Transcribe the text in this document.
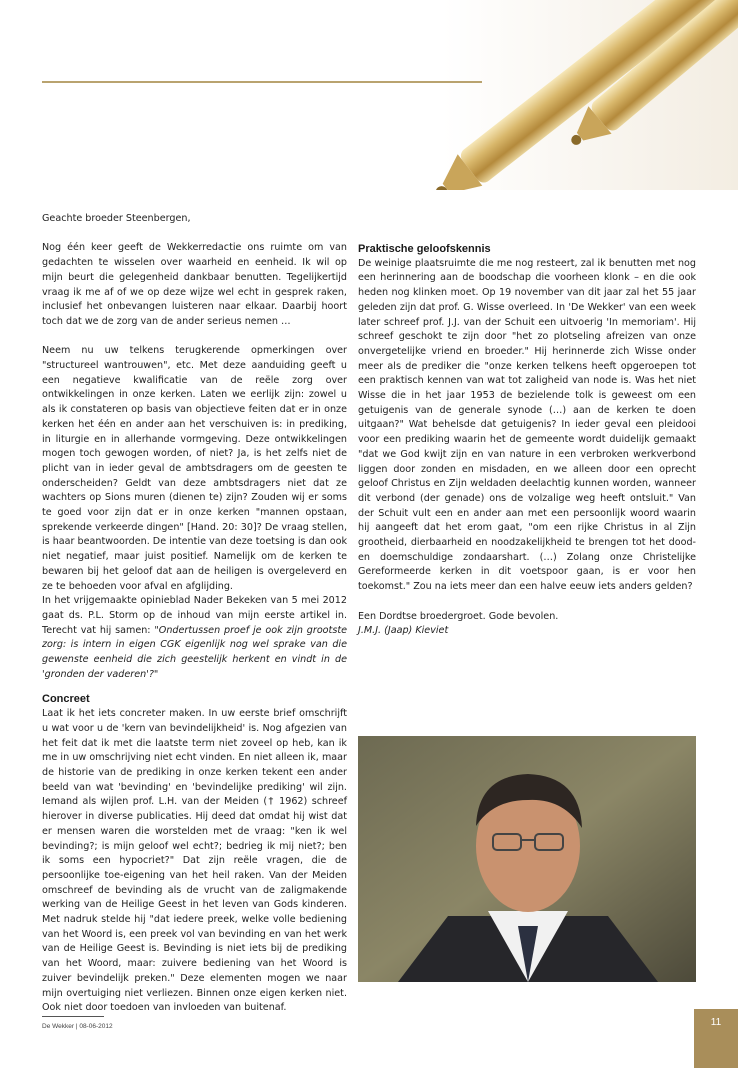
Geachte broeder Steenbergen,

Nog één keer geeft de Wekkerredactie ons ruimte om van gedachten te wisselen over waarheid en eenheid. Ik wil op mijn beurt die gelegenheid dankbaar benutten. Tegelijkertijd vraag ik me af of we op deze wijze wel echt in gesprek raken, inclusief het onbevangen luisteren naar elkaar. Daarbij hoort toch dat we de zorg van de ander serieus nemen …

Neem nu uw telkens terugkerende opmerkingen over "structureel wantrouwen", etc. Met deze aanduiding geeft u een negatieve kwalificatie van de reële zorg over ontwikkelingen in onze kerken. Laten we eerlijk zijn: zowel u als ik constateren op basis van objectieve feiten dat er in onze kerken het één en ander aan het verschuiven is: in prediking, in liturgie en in allerhande vormgeving. Deze ontwikkelingen mogen toch gewogen worden, of niet? Ja, is het zelfs niet de plicht van in ieder geval de ambtsdragers om de geesten te onderscheiden? Geldt van deze ambtsdragers niet dat ze wachters op Sions muren (dienen te) zijn? Zouden wij er soms te goed voor zijn dat er in onze kerken "mannen opstaan, sprekende verkeerde dingen" [Hand. 20: 30]? De vraag stellen, is haar beantwoorden. De intentie van deze toetsing is dan ook niet negatief, maar juist positief. Namelijk om de kerken te bewaren bij het geloof dat aan de heiligen is overgeleverd en ze te behoeden voor afval en afglijding.

In het vrijgemaakte opinieblad Nader Bekeken van 5 mei 2012 gaat ds. P.L. Storm op de inhoud van mijn eerste artikel in. Terecht vat hij samen: "Ondertussen proef je ook zijn grootste zorg: is intern in eigen CGK eigenlijk nog wel sprake van die gewenste eenheid die zich geestelijk herkent en vindt in de 'gronden der vaderen'?"

Concreet

Laat ik het iets concreter maken. In uw eerste brief omschrijft u wat voor u de 'kern van bevindelijkheid' is. Nog afgezien van het feit dat ik met die laatste term niet zoveel op heb, kan ik me in uw omschrijving niet echt vinden. En niet alleen ik, maar de historie van de prediking in onze kerken tekent een ander beeld van wat 'bevinding' en 'bevindelijke prediking' wil zijn. Iemand als wijlen prof. L.H. van der Meiden († 1962) schreef hierover in diverse publicaties. Hij deed dat omdat hij wist dat er mensen waren die worstelden met de vraag: "ken ik wel bevinding?; is mijn geloof wel echt?; bedrieg ik mij niet?; ben ik soms een hypocriet?" Dat zijn reële vragen, die de persoonlijke toe-eigening van het heil raken. Van der Meiden omschreef de bevinding als de vrucht van de zaligmakende werking van de Heilige Geest in het leven van Gods kinderen. Met nadruk stelde hij "dat iedere preek, welke volle bediening van het Woord is, een preek vol van bevinding en van het werk van de Heilige Geest is. Bevinding is niet iets bij de prediking van het Woord, maar: zuivere bediening van het Woord is zuiver bevindelijk preken." Deze elementen mogen we naar mijn overtuiging niet verliezen. Binnen onze eigen kerken niet. Ook niet door toedoen van invloeden van buitenaf.

Praktische geloofskennis

De weinige plaatsruimte die me nog resteert, zal ik benutten met nog een herinnering aan de boodschap die voorheen klonk – en die ook heden nog klinken moet. Op 19 november van dit jaar zal het 55 jaar geleden zijn dat prof. G. Wisse overleed. In 'De Wekker' van een week later schreef prof. J.J. van der Schuit een uitvoerig 'In memoriam'. Hij schreef geschokt te zijn door "het zo plotseling afreizen van onze onvergetelijke vriend en broeder." Hij herinnerde zich Wisse onder meer als de prediker die "onze kerken telkens heeft opgeroepen tot een praktisch kennen van wat tot zaligheid van node is. Was het niet Wisse die in het jaar 1953 de bezielende tolk is geweest om een getuigenis van de generale synode (…) aan de kerken te doen uitgaan?" Wat behelsde dat getuigenis? In ieder geval een pleidooi voor een prediking waarin het de gemeente wordt duidelijk gemaakt "dat we God kwijt zijn en van nature in een verbroken werkverbond liggen door zonden en misdaden, en we alleen door een oprecht geloof Christus en Zijn weldaden deelachtig kunnen worden, wanneer dit verbond (der genade) ons de volzalige weg heeft ontsluit." Van der Schuit vult een en ander aan met een persoonlijk woord waarin hij aangeeft dat het erom gaat, "om een rijke Christus in al Zijn grootheid, dierbaarheid en noodzakelijkheid te brengen tot het dood- en doemschuldige zondaarshart. (…) Zolang onze Christelijke Gereformeerde kerken in dit voetspoor gaan, is er voor hen toekomst." Zou na iets meer dan een halve eeuw iets anders gelden?

Een Dordtse broedergroet. Gode bevolen.

J.M.J. (Jaap) Kieviet

De Wekker | 08-06-2012	11
